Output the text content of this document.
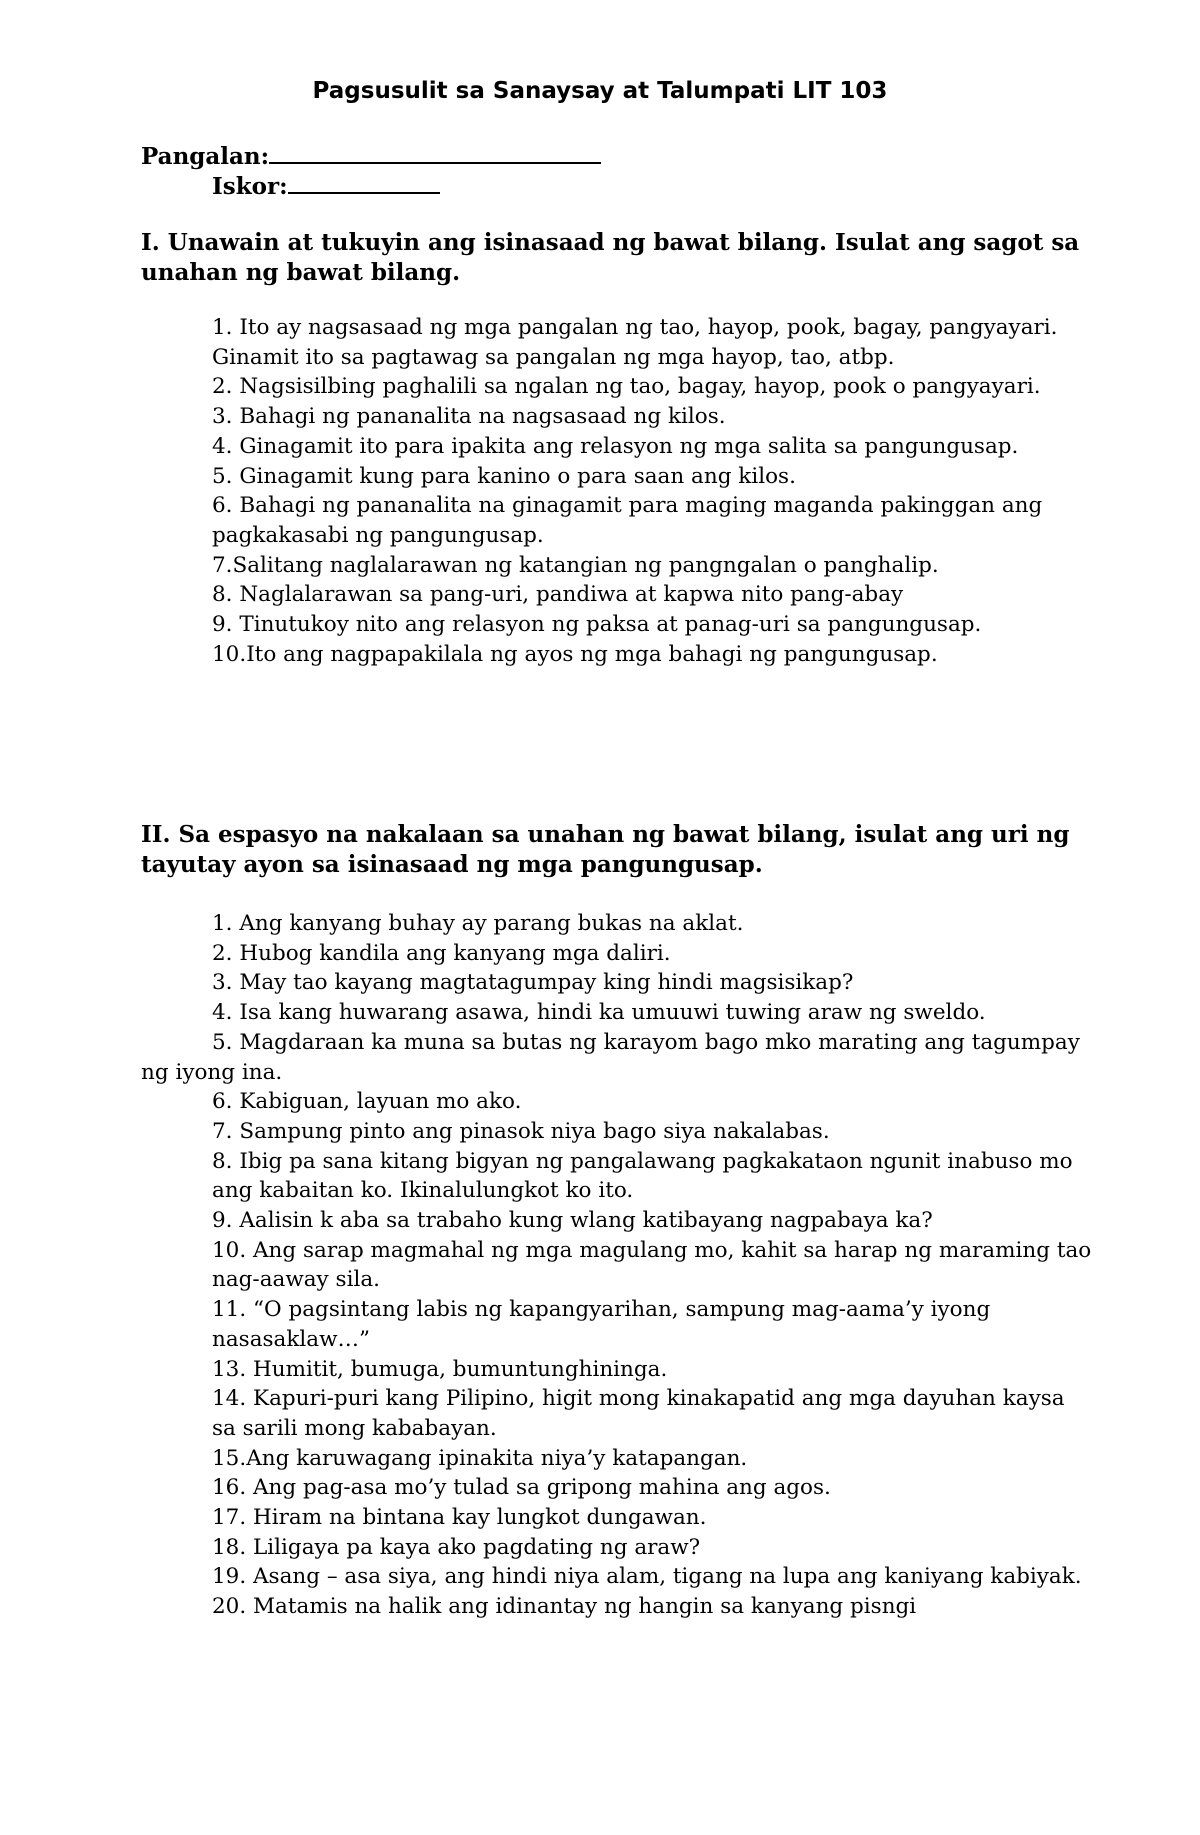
Pagsusulit sa Sanaysay at Talumpati LIT 103
Pangalan:
Iskor:

I. Unawain at tukuyin ang isinasaad ng bawat bilang. Isulat ang sagot sa unahan ng bawat bilang.

1. Ito ay nagsasaad ng mga pangalan ng tao, hayop, pook, bagay, pangyayari. Ginamit ito sa pagtawag sa pangalan ng mga hayop, tao, atbp.
2. Nagsisilbing paghalili sa ngalan ng tao, bagay, hayop, pook o pangyayari.
3. Bahagi ng pananalita na nagsasaad ng kilos.
4. Ginagamit ito para ipakita ang relasyon ng mga salita sa pangungusap.
5. Ginagamit kung para kanino o para saan ang kilos.
6. Bahagi ng pananalita na ginagamit para maging maganda pakinggan ang pagkakasabi ng pangungusap.
7.Salitang naglalarawan ng katangian ng pangngalan o panghalip.
8. Naglalarawan sa pang-uri, pandiwa at kapwa nito pang-abay
9. Tinutukoy nito ang relasyon ng paksa at panag-uri sa pangungusap.
10.Ito ang nagpapakilala ng ayos ng mga bahagi ng pangungusap.

II. Sa espasyo na nakalaan sa unahan ng bawat bilang, isulat ang uri ng tayutay ayon sa isinasaad ng mga pangungusap.

1. Ang kanyang buhay ay parang bukas na aklat.
2. Hubog kandila ang kanyang mga daliri.
3. May tao kayang magtatagumpay king hindi magsisikap?
4. Isa kang huwarang asawa, hindi ka umuuwi tuwing araw ng sweldo.
5. Magdaraan ka muna sa butas ng karayom bago mko marating ang tagumpay ng iyong ina.
6. Kabiguan, layuan mo ako.
7. Sampung pinto ang pinasok niya bago siya nakalabas.
8. Ibig pa sana kitang bigyan ng pangalawang pagkakataon ngunit inabuso mo ang kabaitan ko. Ikinalulungkot ko ito.
9. Aalisin k aba sa trabaho kung wlang katibayang nagpabaya ka?
10. Ang sarap magmahal ng mga magulang mo, kahit sa harap ng maraming tao nag-aaway sila.
11. “O pagsintang labis ng kapangyarihan, sampung mag-aama’y iyong nasasaklaw…”
13. Humitit, bumuga, bumuntunghininga.
14. Kapuri-puri kang Pilipino, higit mong kinakapatid ang mga dayuhan kaysa sa sarili mong kababayan.
15.Ang karuwagang ipinakita niya’y katapangan.
16. Ang pag-asa mo’y tulad sa gripong mahina ang agos.
17. Hiram na bintana kay lungkot dungawan.
18. Liligaya pa kaya ako pagdating ng araw?
19. Asang – asa siya, ang hindi niya alam, tigang na lupa ang kaniyang kabiyak.
20. Matamis na halik ang idinantay ng hangin sa kanyang pisngi
